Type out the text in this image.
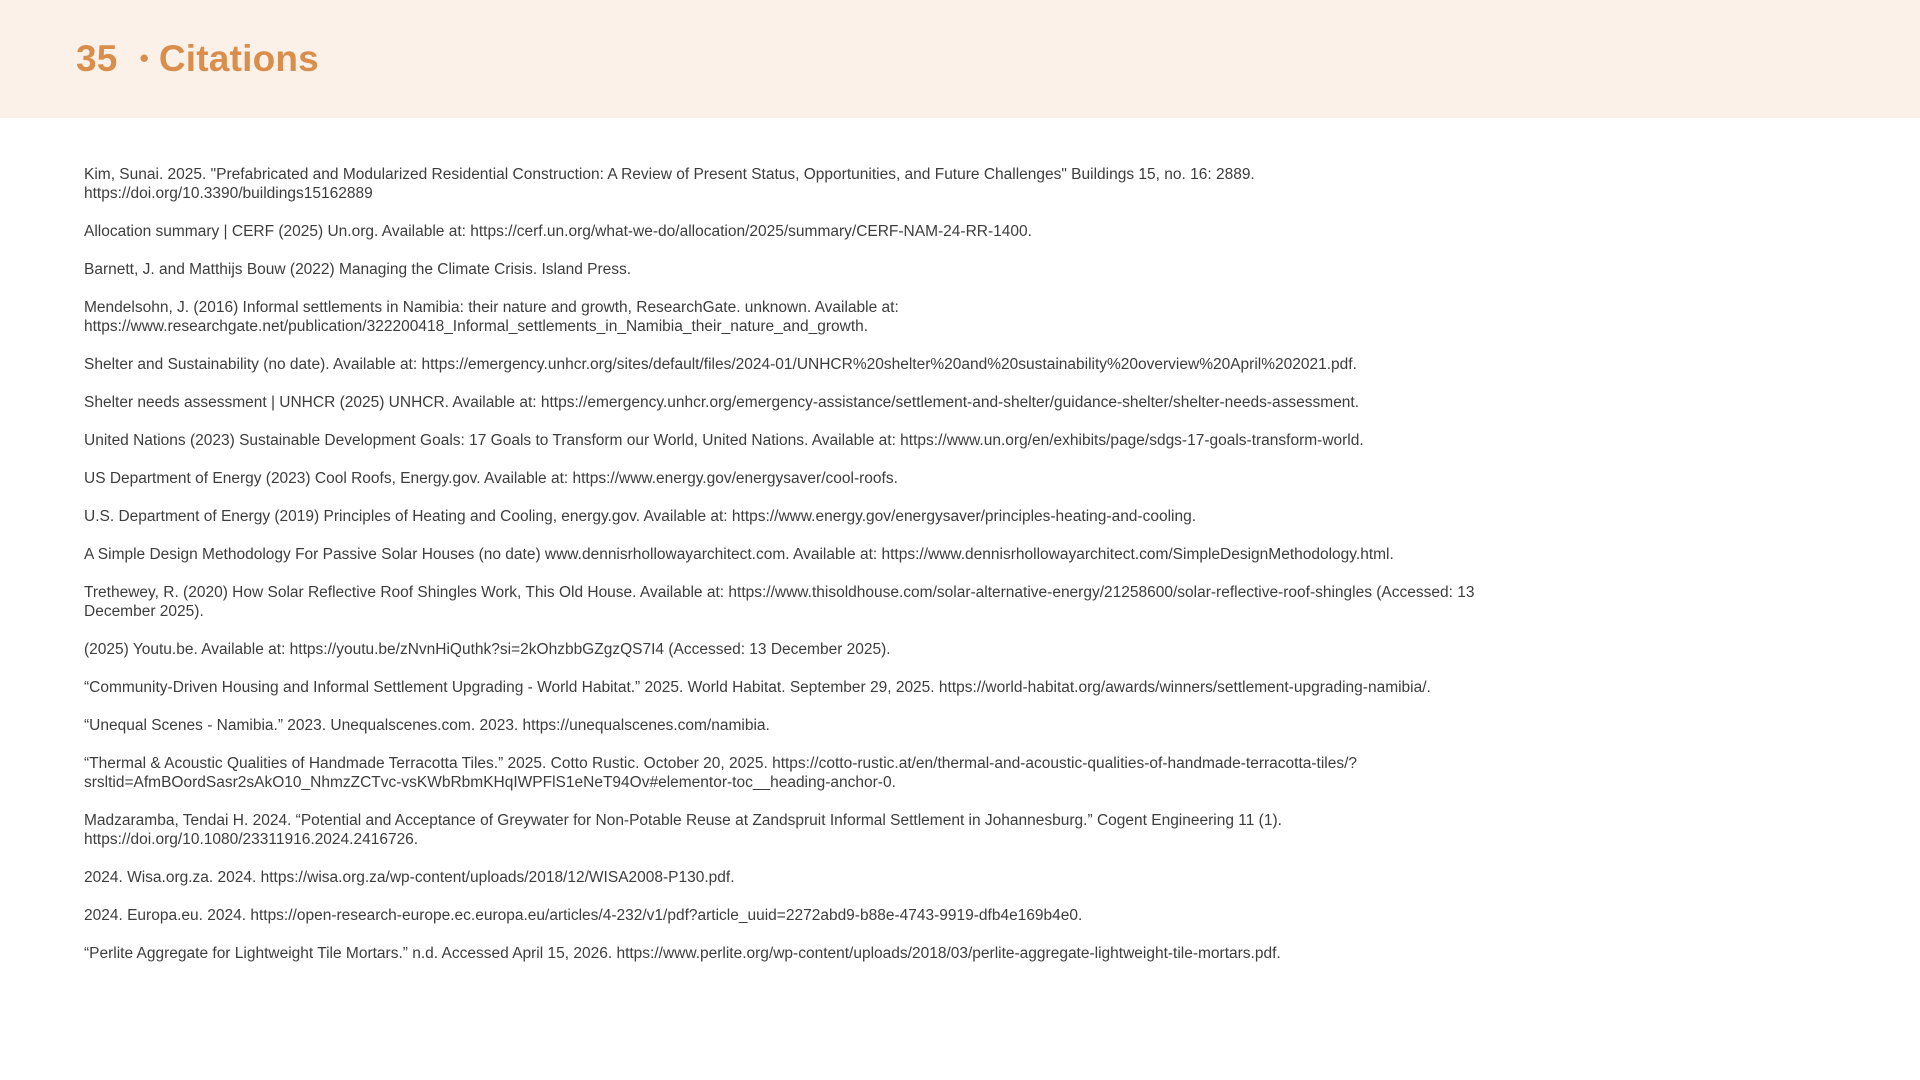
35 • Citations
Kim, Sunai. 2025. "Prefabricated and Modularized Residential Construction: A Review of Present Status, Opportunities, and Future Challenges" Buildings 15, no. 16: 2889. https://doi.org/10.3390/buildings15162889
Allocation summary | CERF (2025) Un.org. Available at: https://cerf.un.org/what-we-do/allocation/2025/summary/CERF-NAM-24-RR-1400.
Barnett, J. and Matthijs Bouw (2022) Managing the Climate Crisis. Island Press.
Mendelsohn, J. (2016) Informal settlements in Namibia: their nature and growth, ResearchGate. unknown. Available at: https://www.researchgate.net/publication/322200418_Informal_settlements_in_Namibia_their_nature_and_growth.
Shelter and Sustainability (no date). Available at: https://emergency.unhcr.org/sites/default/files/2024-01/UNHCR%20shelter%20and%20sustainability%20overview%20April%202021.pdf.
Shelter needs assessment | UNHCR (2025) UNHCR. Available at: https://emergency.unhcr.org/emergency-assistance/settlement-and-shelter/guidance-shelter/shelter-needs-assessment.
United Nations (2023) Sustainable Development Goals: 17 Goals to Transform our World, United Nations. Available at: https://www.un.org/en/exhibits/page/sdgs-17-goals-transform-world.
US Department of Energy (2023) Cool Roofs, Energy.gov. Available at: https://www.energy.gov/energysaver/cool-roofs.
U.S. Department of Energy (2019) Principles of Heating and Cooling, energy.gov. Available at: https://www.energy.gov/energysaver/principles-heating-and-cooling.
A Simple Design Methodology For Passive Solar Houses (no date) www.dennisrhollowayarchitect.com. Available at: https://www.dennisrhollowayarchitect.com/SimpleDesignMethodology.html.
Trethewey, R. (2020) How Solar Reflective Roof Shingles Work, This Old House. Available at: https://www.thisoldhouse.com/solar-alternative-energy/21258600/solar-reflective-roof-shingles (Accessed: 13 December 2025).
(2025) Youtu.be. Available at: https://youtu.be/zNvnHiQuthk?si=2kOhzbbGZgzQS7I4 (Accessed: 13 December 2025).
“Community-Driven Housing and Informal Settlement Upgrading - World Habitat.” 2025. World Habitat. September 29, 2025. https://world-habitat.org/awards/winners/settlement-upgrading-namibia/.
“Unequal Scenes - Namibia.” 2023. Unequalscenes.com. 2023. https://unequalscenes.com/namibia.
“Thermal & Acoustic Qualities of Handmade Terracotta Tiles.” 2025. Cotto Rustic. October 20, 2025. https://cotto-rustic.at/en/thermal-and-acoustic-qualities-of-handmade-terracotta-tiles/?srsltid=AfmBOordSasr2sAkO10_NhmzZCTvc-vsKWbRbmKHqIWPFlS1eNeT94Ov#elementor-toc__heading-anchor-0.
Madzaramba, Tendai H. 2024. “Potential and Acceptance of Greywater for Non-Potable Reuse at Zandspruit Informal Settlement in Johannesburg.” Cogent Engineering 11 (1). https://doi.org/10.1080/23311916.2024.2416726.
2024. Wisa.org.za. 2024. https://wisa.org.za/wp-content/uploads/2018/12/WISA2008-P130.pdf.
2024. Europa.eu. 2024. https://open-research-europe.ec.europa.eu/articles/4-232/v1/pdf?article_uuid=2272abd9-b88e-4743-9919-dfb4e169b4e0.
“Perlite Aggregate for Lightweight Tile Mortars.” n.d. Accessed April 15, 2026. https://www.perlite.org/wp-content/uploads/2018/03/perlite-aggregate-lightweight-tile-mortars.pdf.
